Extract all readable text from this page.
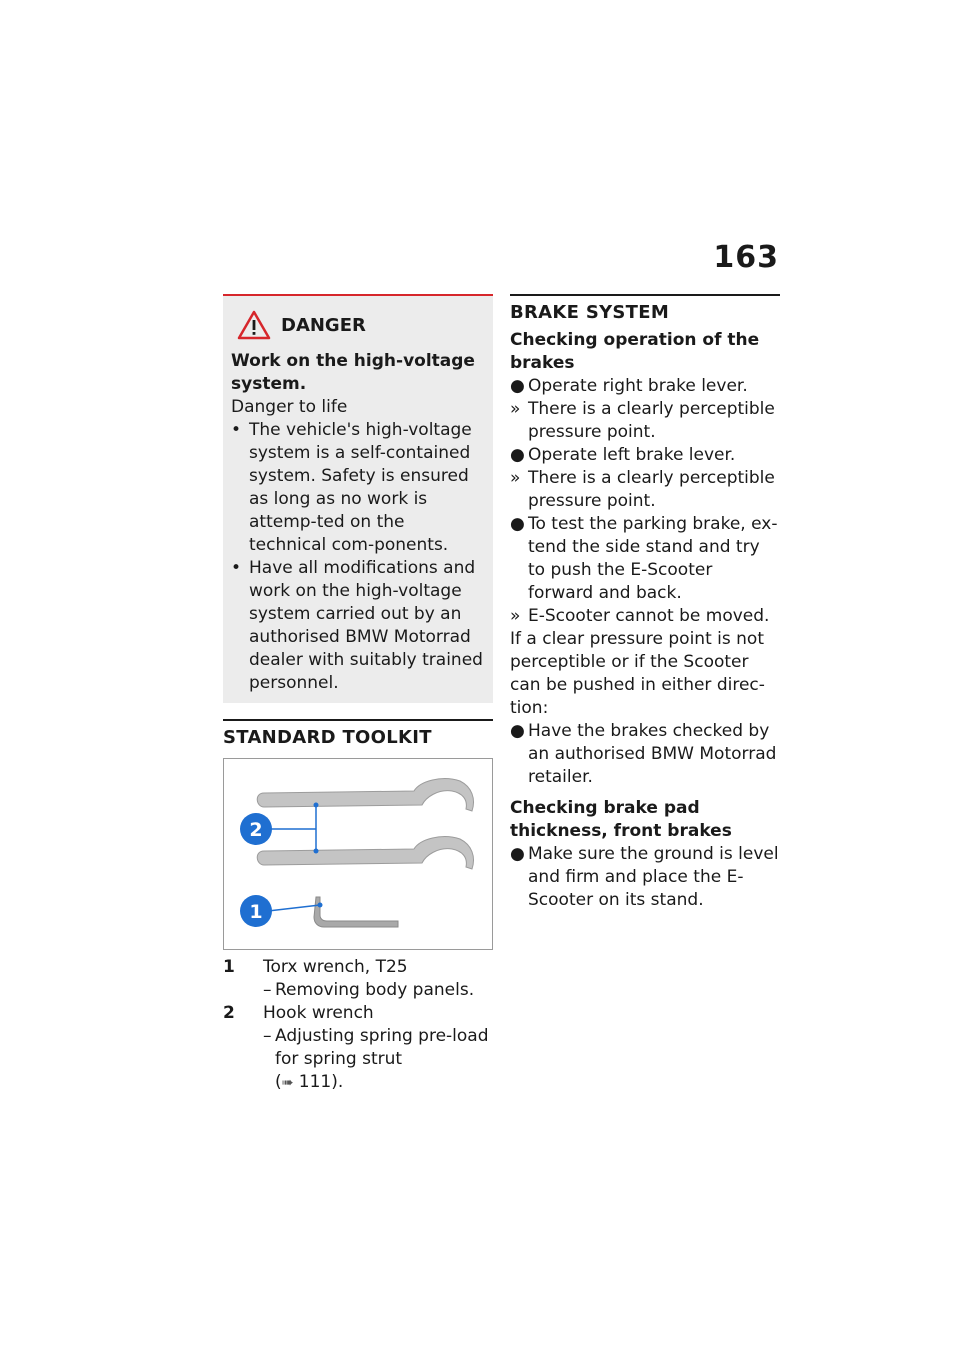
163
DANGER
Work on the high-voltage system.
Danger to life
• The vehicle's high-voltage system is a self-contained system. Safety is ensured as long as no work is attemp-ted on the technical com-ponents.
• Have all modifications and work on the high-voltage system carried out by an authorised BMW Motorrad dealer with suitably trained personnel.
STANDARD TOOLKIT
2
1
1	Torx wrench, T25
– Removing body panels.
2	Hook wrench
– Adjusting spring pre-load for spring strut
(➠ 111).
BRAKE SYSTEM
Checking operation of the brakes
● Operate right brake lever.
» There is a clearly perceptible pressure point.
● Operate left brake lever.
» There is a clearly perceptible pressure point.
● To test the parking brake, ex-tend the side stand and try to push the E-Scooter forward and back.
» E-Scooter cannot be moved.
If a clear pressure point is not perceptible or if the Scooter can be pushed in either direc-tion:
● Have the brakes checked by an authorised BMW Motorrad retailer.
Checking brake pad thickness, front brakes
● Make sure the ground is level and firm and place the E-Scooter on its stand.
